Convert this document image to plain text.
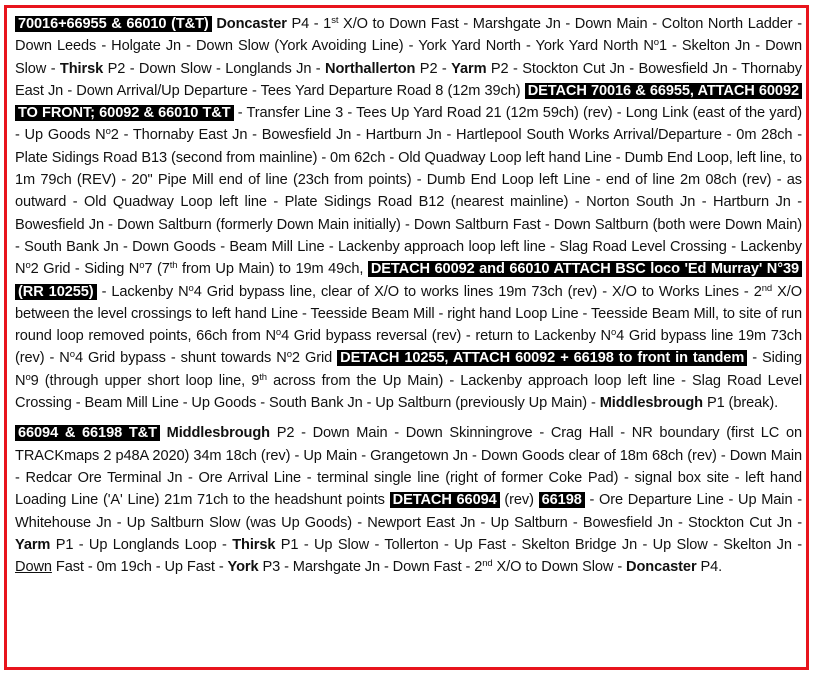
70016+66955 & 66010 (T&T) Doncaster P4 - 1st X/O to Down Fast - Marshgate Jn - Down Main - Colton North Ladder - Down Leeds - Holgate Jn - Down Slow (York Avoiding Line) - York Yard North - York Yard North $N^o1$ - Skelton Jn - Down Slow - Thirsk P2 - Down Slow - Longlands Jn - Northallerton P2 - Yarm P2 - Stockton Cut Jn - Bowesfield Jn - Thornaby East Jn - Down Arrival/Up Departure - Tees Yard Departure Road 8 (12m 39ch) DETACH 70016 & 66955, ATTACH 60092 TO FRONT; 60092 & 66010 T&T - Transfer Line 3 - Tees Up Yard Road 21 (12m 59ch) (rev) - Long Link (east of the yard) - Up Goods $N^o2$ - Thornaby East Jn - Bowesfield Jn - Hartburn Jn - Hartlepool South Works Arrival/Departure - 0m 28ch - Plate Sidings Road B13 (second from mainline) - 0m 62ch - Old Quadway Loop left hand Line - Dumb End Loop, left line, to 1m 79ch (REV) - 20" Pipe Mill end of line (23ch from points) - Dumb End Loop left Line - end of line 2m 08ch (rev) - as outward - Old Quadway Loop left line - Plate Sidings Road B12 (nearest mainline) - Norton South Jn - Hartburn Jn - Bowesfield Jn - Down Saltburn (formerly Down Main initially) - Down Saltburn Fast - Down Saltburn (both were Down Main) - South Bank Jn - Down Goods - Beam Mill Line - Lackenby approach loop left line - Slag Road Level Crossing - Lackenby $N^o2$ Grid - Siding $N^o7$ (7th from Up Main) to 19m 49ch, DETACH 60092 and 66010 ATTACH BSC loco 'Ed Murray' N°39 (RR 10255) - Lackenby $N^o4$ Grid bypass line, clear of X/O to works lines 19m 73ch (rev) - X/O to Works Lines - 2nd X/O between the level crossings to left hand Line - Teesside Beam Mill - right hand Loop Line - Teesside Beam Mill, to site of run round loop removed points, 66ch from $N^o4$ Grid bypass reversal (rev) - return to Lackenby $N^o4$ Grid bypass line 19m 73ch $(rev) - N^o4$ Grid bypass - shunt towards $N^o2$ Grid DETACH 10255, ATTACH 60092 + 66198 to front in tandem - Siding $N^o9$ (through upper short loop line, 9th across from the Up Main) - Lackenby approach loop left line - Slag Road Level Crossing - Beam Mill Line - Up Goods - South Bank Jn - Up Saltburn (previously Up Main) - Middlesbrough P1 (break).

66094 & 66198 T&T Middlesbrough P2 - Down Main - Down Skinningrove - Crag Hall - NR boundary (first LC on TRACKmaps 2 p48A 2020) 34m 18ch (rev) - Up Main - Grangetown Jn - Down Goods clear of 18m 68ch (rev) - Down Main - Redcar Ore Terminal Jn - Ore Arrival Line - terminal single line (right of former Coke Pad) - signal box site - left hand Loading Line ('A' Line) 21m 71ch to the headshunt points DETACH 66094 (rev) 66198 - Ore Departure Line - Up Main - Whitehouse Jn - Up Saltburn Slow (was Up Goods) - Newport East Jn - Up Saltburn - Bowesfield Jn - Stockton Cut Jn - Yarm P1 - Up Longlands Loop - Thirsk P1 - Up Slow - Tollerton - Up Fast - Skelton Bridge Jn - Up Slow - Skelton Jn - Down Fast - 0m 19ch - Up Fast - York P3 - Marshgate Jn - Down Fast - 2nd X/O to Down Slow - Doncaster P4.
